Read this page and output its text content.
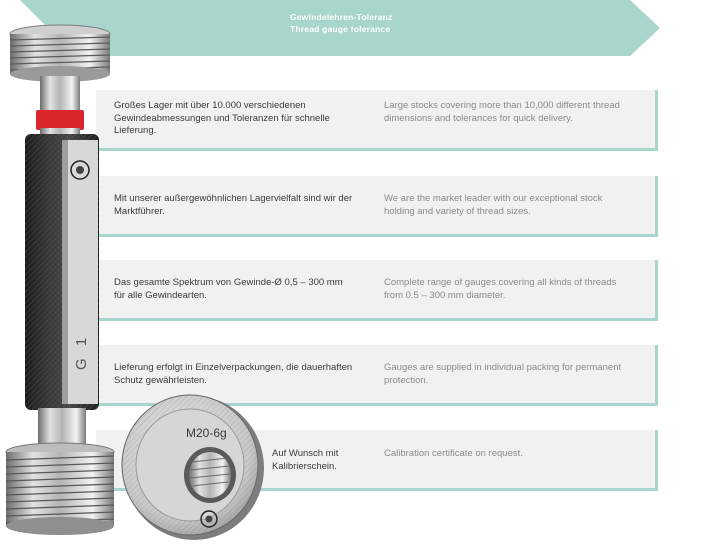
Gewindelehren-Toleranz
Thread gauge tolerance
Großes Lager mit über 10.000 verschiedenen Gewindeabmessungen und Toleranzen für schnelle Lieferung.
Large stocks covering more than 10,000 different thread dimensions and tolerances for quick delivery.
Mit unserer außergewöhnlichen Lagervielfalt sind wir der Marktführer.
We are the market leader with our exceptional stock holding and variety of thread sizes.
Das gesamte Spektrum von Gewinde-Ø 0,5 – 300 mm für alle Gewindearten.
Complete range of gauges covering all kinds of threads from 0.5 – 300 mm diameter.
Lieferung erfolgt in Einzelverpackungen, die dauerhaften Schutz gewährleisten.
Gauges are supplied in individual packing for permanent protection.
Auf Wunsch mit Kalibrierschein.
Calibration certificate on request.
G 1
M20-6g
